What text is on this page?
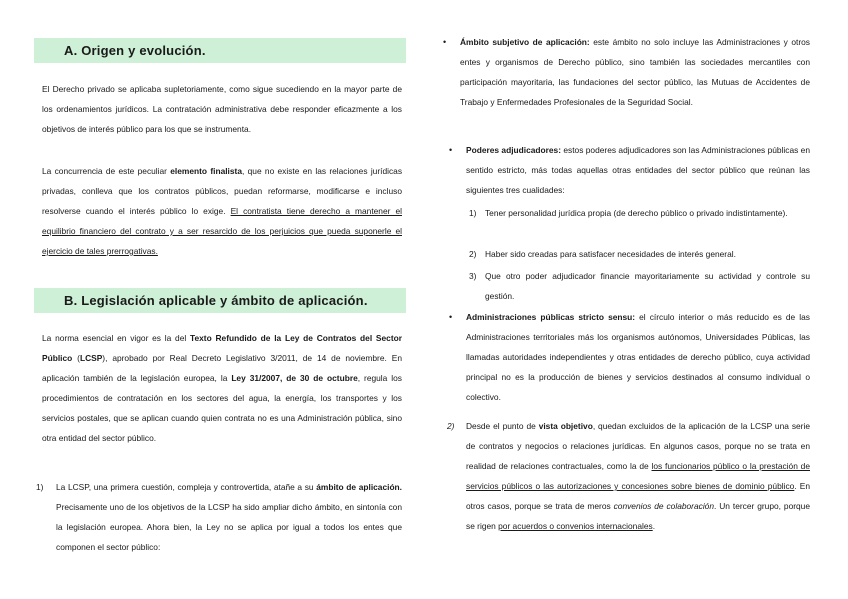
A. Origen y evolución.

El Derecho privado se aplicaba supletoriamente, como sigue sucediendo en la mayor parte de los ordenamientos jurídicos. La contratación administrativa debe responder eficazmente a los objetivos de interés público para los que se instrumenta.

La concurrencia de este peculiar elemento finalista, que no existe en las relaciones jurídicas privadas, conlleva que los contratos públicos, puedan reformarse, modificarse e incluso resolverse cuando el interés público lo exige. El contratista tiene derecho a mantener el equilibrio financiero del contrato y a ser resarcido de los perjuicios que pueda suponerle el ejercicio de tales prerrogativas.

B. Legislación aplicable y ámbito de aplicación.

La norma esencial en vigor es la del Texto Refundido de la Ley de Contratos del Sector Público (LCSP), aprobado por Real Decreto Legislativo 3/2011, de 14 de noviembre. En aplicación también de la legislación europea, la Ley 31/2007, de 30 de octubre, regula los procedimientos de contratación en los sectores del agua, la energía, los transportes y los servicios postales, que se aplican cuando quien contrata no es una Administración pública, sino otra entidad del sector público.

1) La LCSP, una primera cuestión, compleja y controvertida, atañe a su ámbito de aplicación. Precisamente uno de los objetivos de la LCSP ha sido ampliar dicho ámbito, en sintonía con la legislación europea. Ahora bien, la Ley no se aplica por igual a todos los entes que componen el sector público:

• Ámbito subjetivo de aplicación: este ámbito no solo incluye las Administraciones y otros entes y organismos de Derecho público, sino también las sociedades mercantiles con participación mayoritaria, las fundaciones del sector público, las Mutuas de Accidentes de Trabajo y Enfermedades Profesionales de la Seguridad Social.

• Poderes adjudicadores: estos poderes adjudicadores son las Administraciones públicas en sentido estricto, más todas aquellas otras entidades del sector público que reúnan las siguientes tres cualidades:

1) Tener personalidad jurídica propia (de derecho público o privado indistintamente).

2) Haber sido creadas para satisfacer necesidades de interés general.

3) Que otro poder adjudicador financie mayoritariamente su actividad y controle su gestión.

• Administraciones públicas stricto sensu: el círculo interior o más reducido es de las Administraciones territoriales más los organismos autónomos, Universidades Públicas, las llamadas autoridades independientes y otras entidades de derecho público, cuya actividad principal no es la producción de bienes y servicios destinados al consumo individual o colectivo.

2) Desde el punto de vista objetivo, quedan excluidos de la aplicación de la LCSP una serie de contratos y negocios o relaciones jurídicas. En algunos casos, porque no se trata en realidad de relaciones contractuales, como la de los funcionarios público o la prestación de servicios públicos o las autorizaciones y concesiones sobre bienes de dominio público. En otros casos, porque se trata de meros convenios de colaboración. Un tercer grupo, porque se rigen por acuerdos o convenios internacionales.
